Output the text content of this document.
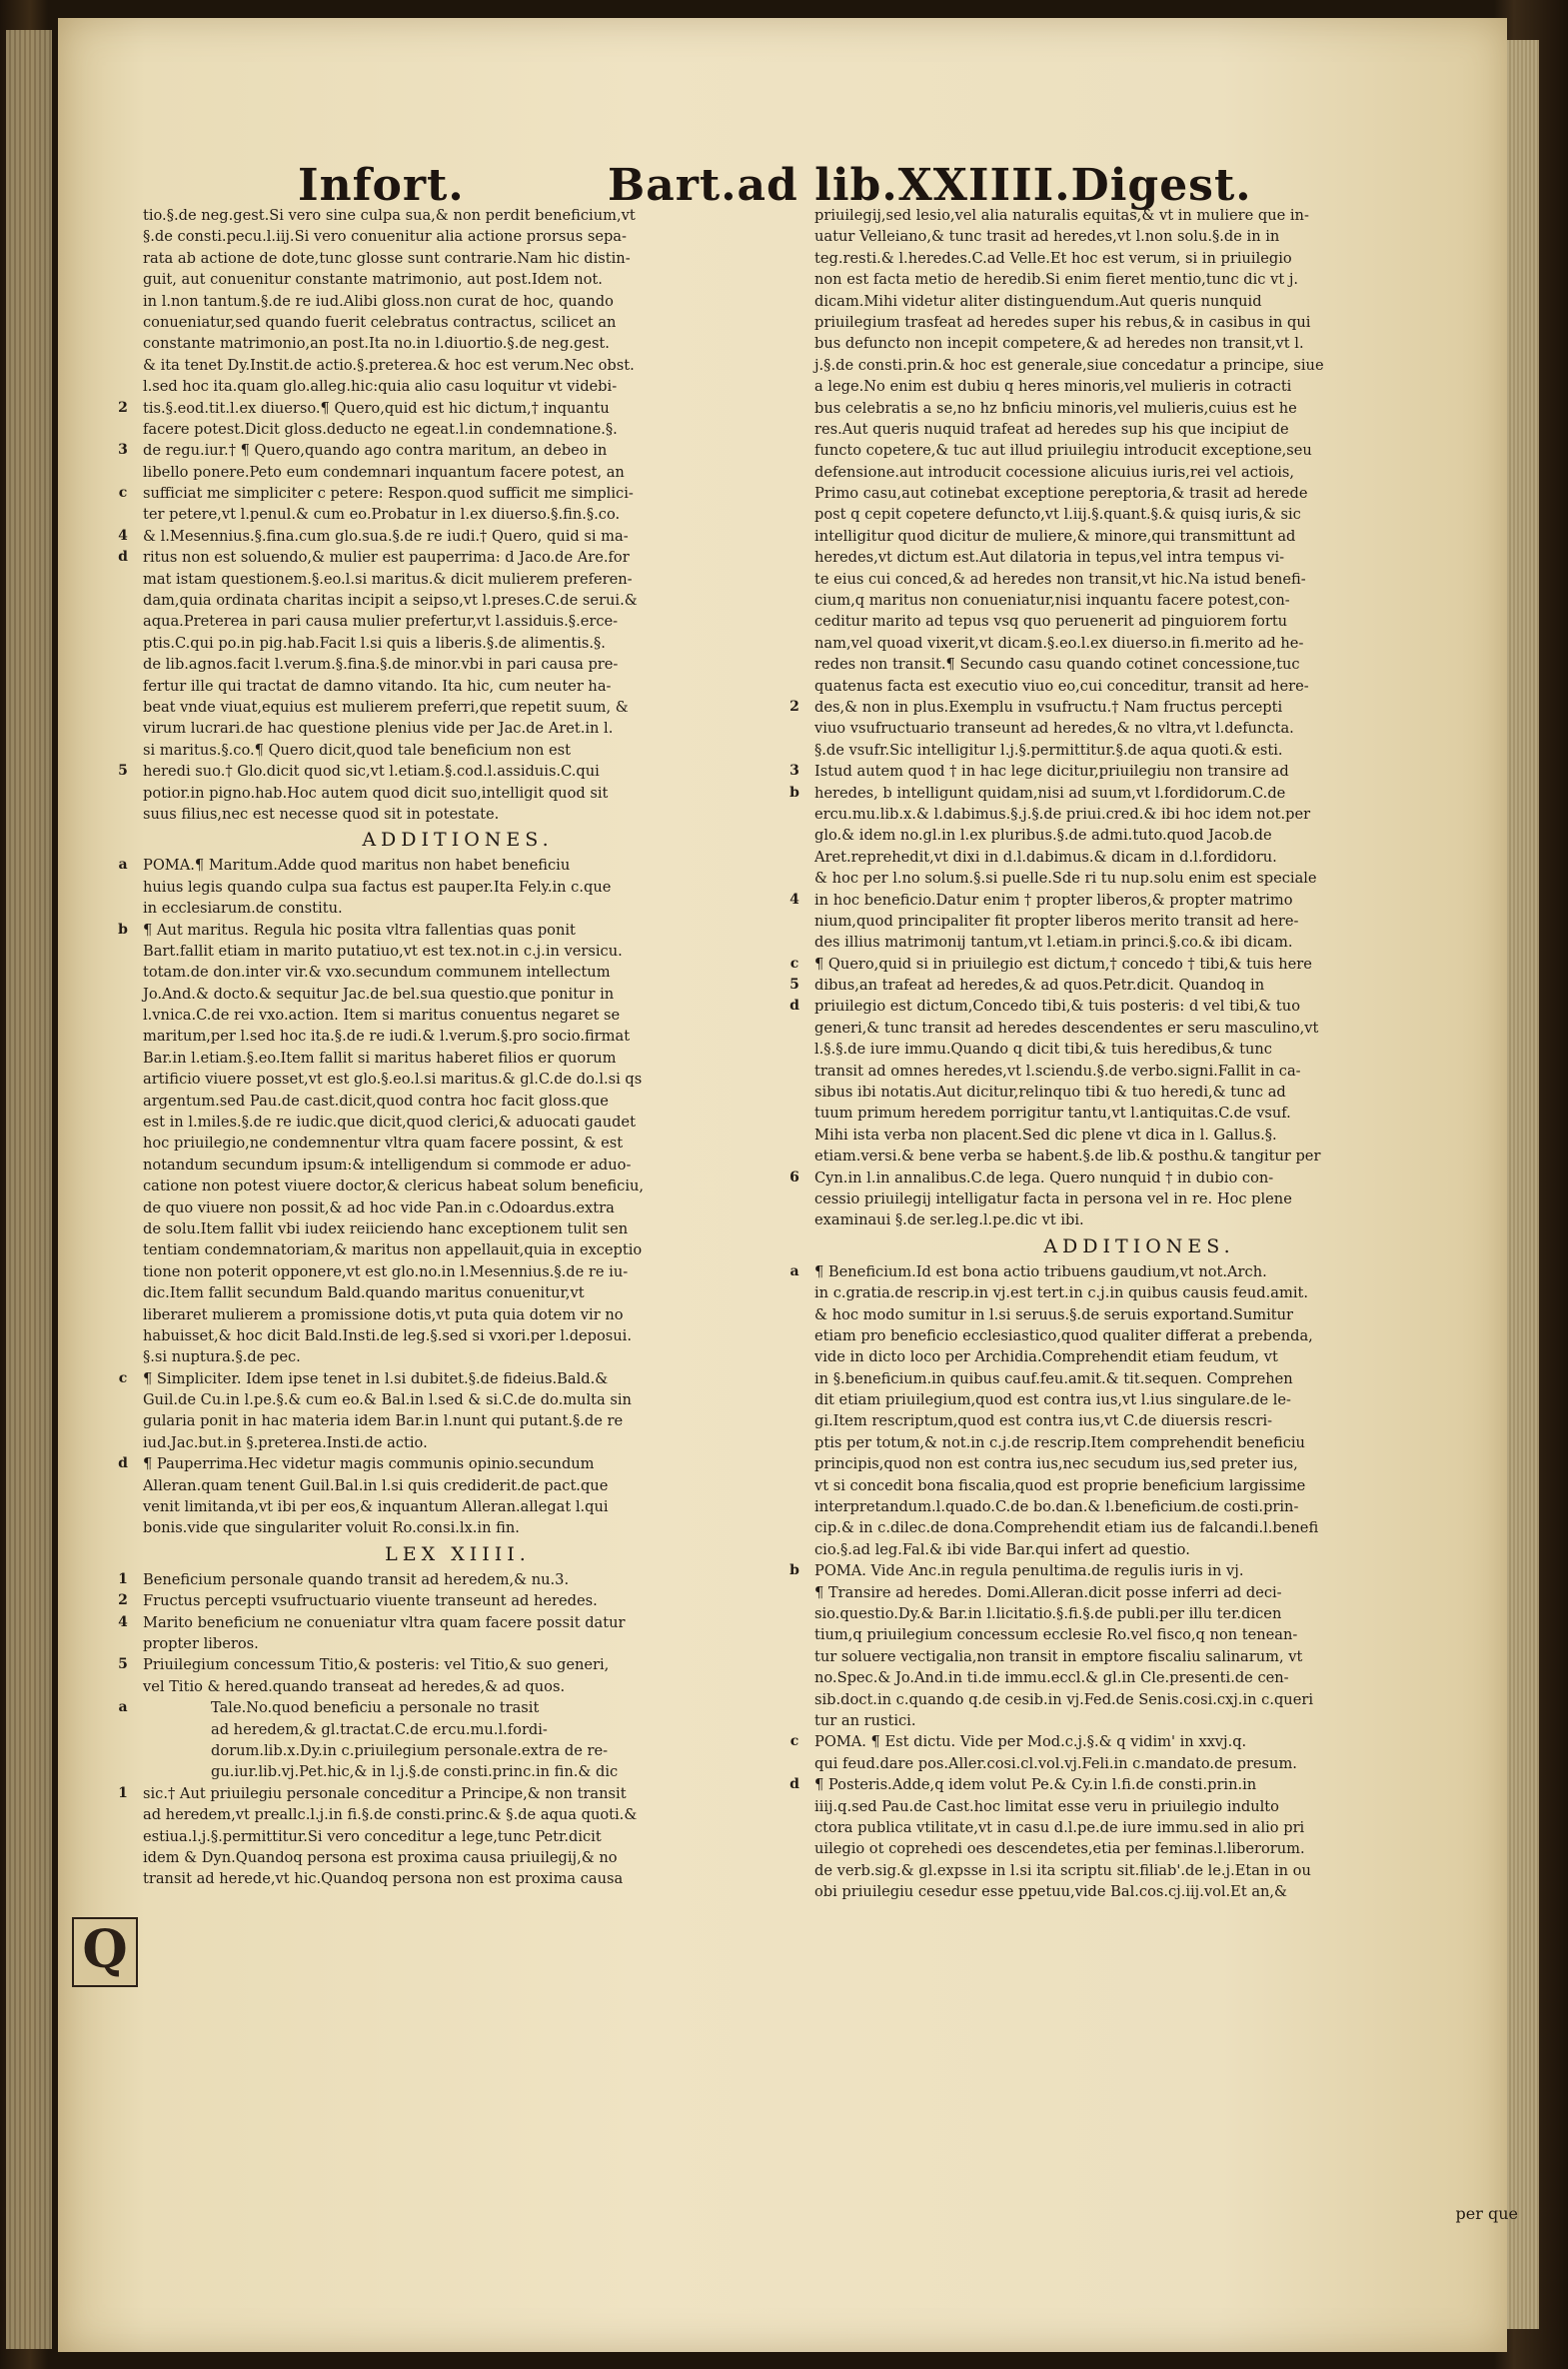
Infort.	Bart.ad lib.XXIIII.Digest.
tio.§.de neg.gest.Si vero sine culpa sua,& non perdit beneficium,vt
§.de consti.pecu.l.iij.Si vero conuenitur alia actione prorsus sepa-
rata ab actione de dote,tunc glosse sunt contrarie.Nam hic distin-
guit, aut conuenitur constante matrimonio, aut post.Idem not.
in l.non tantum.§.de re iud.Alibi gloss.non curat de hoc, quando
conueniatur,sed quando fuerit celebratus contractus, scilicet an
constante matrimonio,an post.Ita no.in l.diuortio.§.de neg.gest.
& ita tenet Dy.Instit.de actio.§.preterea.& hoc est verum.Nec obst.
l.sed hoc ita.quam glo.alleg.hic:quia alio casu loquitur vt videbi-
2	tis.§.eod.tit.l.ex diuerso.¶ Quero,quid est hic dictum,† inquantu
facere potest.Dicit gloss.deducto ne egeat.l.in condemnatione.§.
3	de regu.iur.† ¶ Quero,quando ago contra maritum, an debeo in
libello ponere.Peto eum condemnari inquantum facere potest, an
c	sufficiat me simpliciter c petere: Respon.quod sufficit me simplici-
ter petere,vt l.penul.& cum eo.Probatur in l.ex diuerso.§.fin.§.co.
4	& l.Mesennius.§.fina.cum glo.sua.§.de re iudi.† Quero, quid si ma-
d	ritus non est soluendo,& mulier est pauperrima: d Jaco.de Are.for
mat istam questionem.§.eo.l.si maritus.& dicit mulierem preferen-
dam,quia ordinata charitas incipit a seipso,vt l.preses.C.de serui.&
aqua.Preterea in pari causa mulier prefertur,vt l.assiduis.§.erce-
ptis.C.qui po.in pig.hab.Facit l.si quis a liberis.§.de alimentis.§.
de lib.agnos.facit l.verum.§.fina.§.de minor.vbi in pari causa pre-
fertur ille qui tractat de damno vitando. Ita hic, cum neuter ha-
beat vnde viuat,equius est mulierem preferri,que repetit suum, &
virum lucrari.de hac questione plenius vide per Jac.de Aret.in l.
si maritus.§.co.¶ Quero dicit,quod tale beneficium non est
5	heredi suo.† Glo.dicit quod sic,vt l.etiam.§.cod.l.assiduis.C.qui
potior.in pigno.hab.Hoc autem quod dicit suo,intelligit quod sit
suus filius,nec est necesse quod sit in potestate.
ADDITIONES.
a	POMA.¶ Maritum.Adde quod maritus non habet beneficiu
huius legis quando culpa sua factus est pauper.Ita Fely.in c.que
in ecclesiarum.de constitu.
b	¶ Aut maritus. Regula hic posita vltra fallentias quas ponit
Bart.fallit etiam in marito putatiuo,vt est tex.not.in c.j.in versicu.
totam.de don.inter vir.& vxo.secundum communem intellectum
Jo.And.& docto.& sequitur Jac.de bel.sua questio.que ponitur in
l.vnica.C.de rei vxo.action. Item si maritus conuentus negaret se
maritum,per l.sed hoc ita.§.de re iudi.& l.verum.§.pro socio.firmat
Bar.in l.etiam.§.eo.Item fallit si maritus haberet filios er quorum
artificio viuere posset,vt est glo.§.eo.l.si maritus.& gl.C.de do.l.si qs
argentum.sed Pau.de cast.dicit,quod contra hoc facit gloss.que
est in l.miles.§.de re iudic.que dicit,quod clerici,& aduocati gaudet
hoc priuilegio,ne condemnentur vltra quam facere possint, & est
notandum secundum ipsum:& intelligendum si commode er aduo-
catione non potest viuere doctor,& clericus habeat solum beneficiu,
de quo viuere non possit,& ad hoc vide Pan.in c.Odoardus.extra
de solu.Item fallit vbi iudex reiiciendo hanc exceptionem tulit sen
tentiam condemnatoriam,& maritus non appellauit,quia in exceptio
tione non poterit opponere,vt est glo.no.in l.Mesennius.§.de re iu-
dic.Item fallit secundum Bald.quando maritus conuenitur,vt
liberaret mulierem a promissione dotis,vt puta quia dotem vir no
habuisset,& hoc dicit Bald.Insti.de leg.§.sed si vxori.per l.deposui.
§.si nuptura.§.de pec.
c	¶ Simpliciter. Idem ipse tenet in l.si dubitet.§.de fideius.Bald.&
Guil.de Cu.in l.pe.§.& cum eo.& Bal.in l.sed & si.C.de do.multa sin
gularia ponit in hac materia idem Bar.in l.nunt qui putant.§.de re
iud.Jac.but.in §.preterea.Insti.de actio.
d	¶ Pauperrima.Hec videtur magis communis opinio.secundum
Alleran.quam tenent Guil.Bal.in l.si quis crediderit.de pact.que
venit limitanda,vt ibi per eos,& inquantum Alleran.allegat l.qui
bonis.vide que singulariter voluit Ro.consi.lx.in fin.
LEX XIIII.
1	Beneficium personale quando transit ad heredem,& nu.3.
2	Fructus percepti vsufructuario viuente transeunt ad heredes.
4	Marito beneficium ne conueniatur vltra quam facere possit datur
propter liberos.
5	Priuilegium concessum Titio,& posteris: vel Titio,& suo generi,
vel Titio & hered.quando transeat ad heredes,& ad quos.
a	Tale.No.quod beneficiu a personale no trasit
ad heredem,& gl.tractat.C.de ercu.mu.l.fordi-
dorum.lib.x.Dy.in c.priuilegium personale.extra de re-
gu.iur.lib.vj.Pet.hic,& in l.j.§.de consti.princ.in fin.& dic
1	sic.† Aut priuilegiu personale conceditur a Principe,& non transit
ad heredem,vt preallc.l.j.in fi.§.de consti.princ.& §.de aqua quoti.&
estiua.l.j.§.permittitur.Si vero conceditur a lege,tunc Petr.dicit
idem & Dyn.Quandoq persona est proxima causa priuilegij,& no
transit ad herede,vt hic.Quandoq persona non est proxima causa
priuilegij,sed lesio,vel alia naturalis equitas,& vt in muliere que in-
uatur Velleiano,& tunc trasit ad heredes,vt l.non solu.§.de in in
teg.resti.& l.heredes.C.ad Velle.Et hoc est verum, si in priuilegio
non est facta metio de heredib.Si enim fieret mentio,tunc dic vt j.
dicam.Mihi videtur aliter distinguendum.Aut queris nunquid
priuilegium trasfeat ad heredes super his rebus,& in casibus in qui
bus defuncto non incepit competere,& ad heredes non transit,vt l.
j.§.de consti.prin.& hoc est generale,siue concedatur a principe, siue
a lege.No enim est dubiu q heres minoris,vel mulieris in cotracti
bus celebratis a se,no hz bnficiu minoris,vel mulieris,cuius est he
res.Aut queris nuquid trafeat ad heredes sup his que incipiut de
functo copetere,& tuc aut illud priuilegiu introducit exceptione,seu
defensione.aut introducit cocessione alicuius iuris,rei vel actiois,
Primo casu,aut cotinebat exceptione pereptoria,& trasit ad herede
post q cepit copetere defuncto,vt l.iij.§.quant.§.& quisq iuris,& sic
intelligitur quod dicitur de muliere,& minore,qui transmittunt ad
heredes,vt dictum est.Aut dilatoria in tepus,vel intra tempus vi-
te eius cui conced,& ad heredes non transit,vt hic.Na istud benefi-
cium,q maritus non conueniatur,nisi inquantu facere potest,con-
ceditur marito ad tepus vsq quo peruenerit ad pinguiorem fortu
nam,vel quoad vixerit,vt dicam.§.eo.l.ex diuerso.in fi.merito ad he-
redes non transit.¶ Secundo casu quando cotinet concessione,tuc
quatenus facta est executio viuo eo,cui conceditur, transit ad here-
2	des,& non in plus.Exemplu in vsufructu.† Nam fructus percepti
viuo vsufructuario transeunt ad heredes,& no vltra,vt l.defuncta.
§.de vsufr.Sic intelligitur l.j.§.permittitur.§.de aqua quoti.& esti.
3	Istud autem quod † in hac lege dicitur,priuilegiu non transire ad
b	heredes, b intelligunt quidam,nisi ad suum,vt l.fordidorum.C.de
ercu.mu.lib.x.& l.dabimus.§.j.§.de priui.cred.& ibi hoc idem not.per
glo.& idem no.gl.in l.ex pluribus.§.de admi.tuto.quod Jacob.de
Aret.reprehedit,vt dixi in d.l.dabimus.& dicam in d.l.fordidoru.
& hoc per l.no solum.§.si puelle.Sde ri tu nup.solu enim est speciale
4	in hoc beneficio.Datur enim † propter liberos,& propter matrimo
nium,quod principaliter fit propter liberos merito transit ad here-
des illius matrimonij tantum,vt l.etiam.in princi.§.co.& ibi dicam.
c	¶ Quero,quid si in priuilegio est dictum,† concedo † tibi,& tuis here
5	dibus,an trafeat ad heredes,& ad quos.Petr.dicit. Quandoq in
d	priuilegio est dictum,Concedo tibi,& tuis posteris: d vel tibi,& tuo
generi,& tunc transit ad heredes descendentes er seru masculino,vt
l.§.§.de iure immu.Quando q dicit tibi,& tuis heredibus,& tunc
transit ad omnes heredes,vt l.sciendu.§.de verbo.signi.Fallit in ca-
sibus ibi notatis.Aut dicitur,relinquo tibi & tuo heredi,& tunc ad
tuum primum heredem porrigitur tantu,vt l.antiquitas.C.de vsuf.
Mihi ista verba non placent.Sed dic plene vt dica in l. Gallus.§.
etiam.versi.& bene verba se habent.§.de lib.& posthu.& tangitur per
6	Cyn.in l.in annalibus.C.de lega. Quero nunquid † in dubio con-
cessio priuilegij intelligatur facta in persona vel in re. Hoc plene
examinaui §.de ser.leg.l.pe.dic vt ibi.
ADDITIONES.
a	¶ Beneficium.Id est bona actio tribuens gaudium,vt not.Arch.
in c.gratia.de rescrip.in vj.est tert.in c.j.in quibus causis feud.amit.
& hoc modo sumitur in l.si seruus.§.de seruis exportand.Sumitur
etiam pro beneficio ecclesiastico,quod qualiter differat a prebenda,
vide in dicto loco per Archidia.Comprehendit etiam feudum, vt
in §.beneficium.in quibus cauf.feu.amit.& tit.sequen. Comprehen
dit etiam priuilegium,quod est contra ius,vt l.ius singulare.de le-
gi.Item rescriptum,quod est contra ius,vt C.de diuersis rescri-
ptis per totum,& not.in c.j.de rescrip.Item comprehendit beneficiu
principis,quod non est contra ius,nec secudum ius,sed preter ius,
vt si concedit bona fiscalia,quod est proprie beneficium largissime
interpretandum.l.quado.C.de bo.dan.& l.beneficium.de costi.prin-
cip.& in c.dilec.de dona.Comprehendit etiam ius de falcandi.l.benefi
cio.§.ad leg.Fal.& ibi vide Bar.qui infert ad questio.
b	POMA. Vide Anc.in regula penultima.de regulis iuris in vj.
¶ Transire ad heredes. Domi.Alleran.dicit posse inferri ad deci-
sio.questio.Dy.& Bar.in l.licitatio.§.fi.§.de publi.per illu ter.dicen
tium,q priuilegium concessum ecclesie Ro.vel fisco,q non tenean-
tur soluere vectigalia,non transit in emptore fiscaliu salinarum, vt
no.Spec.& Jo.And.in ti.de immu.eccl.& gl.in Cle.presenti.de cen-
sib.doct.in c.quando q.de cesib.in vj.Fed.de Senis.cosi.cxj.in c.queri
tur an rustici.
c	POMA. ¶ Est dictu. Vide per Mod.c.j.§.& q vidim' in xxvj.q.
qui feud.dare pos.Aller.cosi.cl.vol.vj.Feli.in c.mandato.de presum.
d	¶ Posteris.Adde,q idem volut Pe.& Cy.in l.fi.de consti.prin.in
iiij.q.sed Pau.de Cast.hoc limitat esse veru in priuilegio indulto
ctora publica vtilitate,vt in casu d.l.pe.de iure immu.sed in alio pri
uilegio ot coprehedi oes descendetes,etia per feminas.l.liberorum.
de verb.sig.& gl.expsse in l.si ita scriptu sit.filiab'.de le.j.Etan in ou
obi priuilegiu cesedur esse ppetuu,vide Bal.cos.cj.iij.vol.Et an,&
Q
per que
